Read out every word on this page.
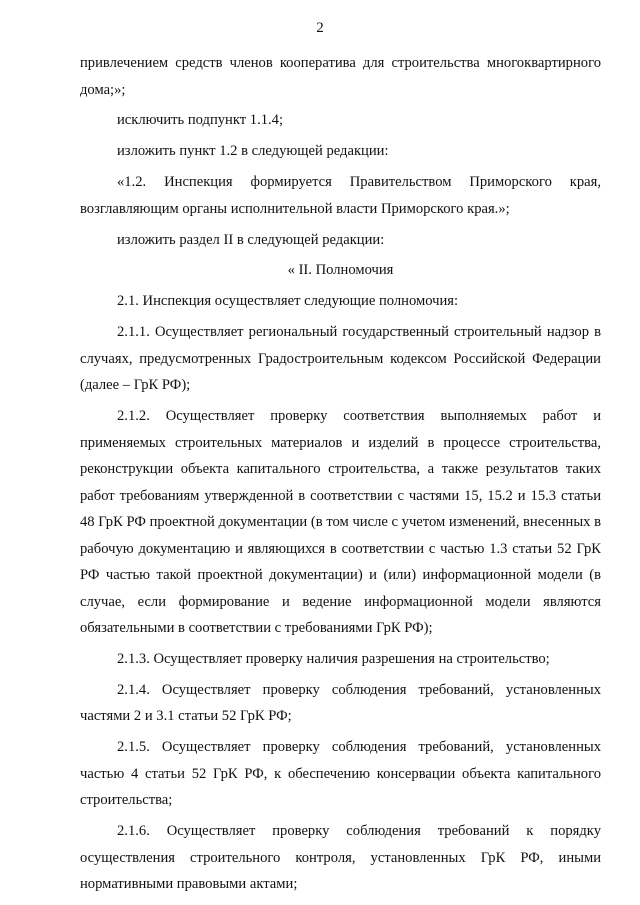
2

привлечением средств членов кооператива для строительства многоквартирного дома;»;

исключить подпункт 1.1.4;

изложить пункт 1.2 в следующей редакции:

«1.2. Инспекция формируется Правительством Приморского края, возглавляющим органы исполнительной власти Приморского края.»;

изложить раздел II в следующей редакции:

« II. Полномочия

2.1. Инспекция осуществляет следующие полномочия:

2.1.1. Осуществляет региональный государственный строительный надзор в случаях, предусмотренных Градостроительным кодексом Российской Федерации (далее – ГрК РФ);

2.1.2. Осуществляет проверку соответствия выполняемых работ и применяемых строительных материалов и изделий в процессе строительства, реконструкции объекта капитального строительства, а также результатов таких работ требованиям утвержденной в соответствии с частями 15, 15.2 и 15.3 статьи 48 ГрК РФ проектной документации (в том числе с учетом изменений, внесенных в рабочую документацию и являющихся в соответствии с частью 1.3 статьи 52 ГрК РФ частью такой проектной документации) и (или) информационной модели (в случае, если формирование и ведение информационной модели являются обязательными в соответствии с требованиями ГрК РФ);

2.1.3. Осуществляет проверку наличия разрешения на строительство;

2.1.4. Осуществляет проверку соблюдения требований, установленных частями 2 и 3.1 статьи 52 ГрК РФ;

2.1.5. Осуществляет проверку соблюдения требований, установленных частью 4 статьи 52 ГрК РФ, к обеспечению консервации объекта капитального строительства;

2.1.6. Осуществляет проверку соблюдения требований к порядку осуществления строительного контроля, установленных ГрК РФ, иными нормативными правовыми актами;
